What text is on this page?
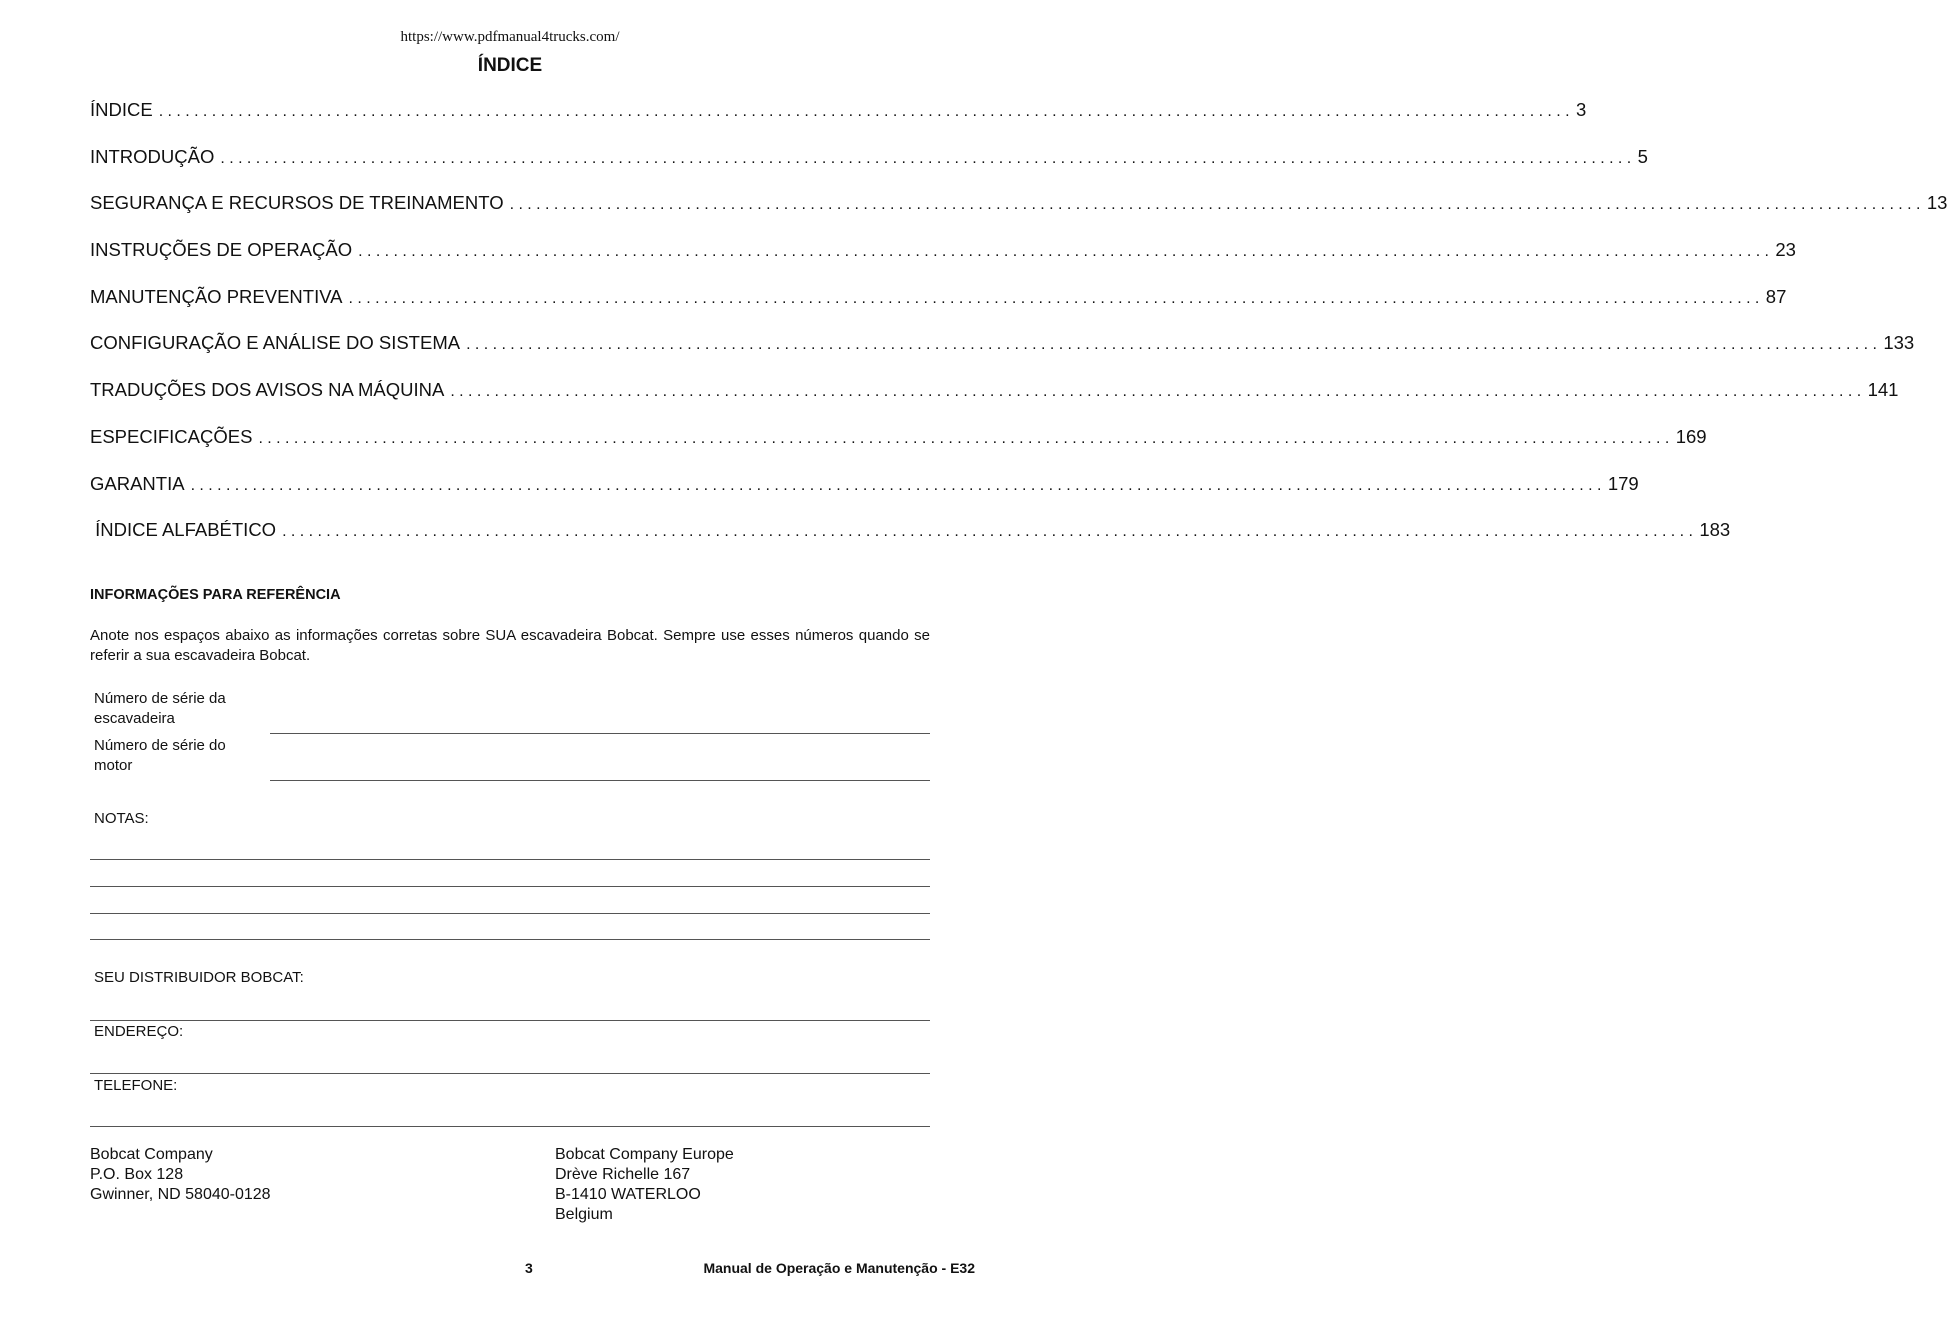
https://www.pdfmanual4trucks.com/
ÍNDICE
ÍNDICE ................................................................................................................................................................ 3
INTRODUÇÃO ................................................................................................................................................................ 5
SEGURANÇA E RECURSOS DE TREINAMENTO ................................................................................................................................................................ 13
INSTRUÇÕES DE OPERAÇÃO ................................................................................................................................................................ 23
MANUTENÇÃO PREVENTIVA ................................................................................................................................................................ 87
CONFIGURAÇÃO E ANÁLISE DO SISTEMA ................................................................................................................................................................ 133
TRADUÇÕES DOS AVISOS NA MÁQUINA ................................................................................................................................................................ 141
ESPECIFICAÇÕES ................................................................................................................................................................ 169
GARANTIA ................................................................................................................................................................ 179
ÍNDICE ALFABÉTICO ................................................................................................................................................................ 183
INFORMAÇÕES PARA REFERÊNCIA
Anote nos espaços abaixo as informações corretas sobre SUA escavadeira Bobcat. Sempre use esses números quando se referir a sua escavadeira Bobcat.
Número de série da escavadeira
Número de série do motor
NOTAS:
SEU DISTRIBUIDOR BOBCAT:
ENDEREÇO:
TELEFONE:
Bobcat Company
P.O. Box 128
Gwinner, ND 58040-0128
Bobcat Company Europe
Drève Richelle 167
B-1410 WATERLOO
Belgium
3	Manual de Operação e Manutenção - E32
